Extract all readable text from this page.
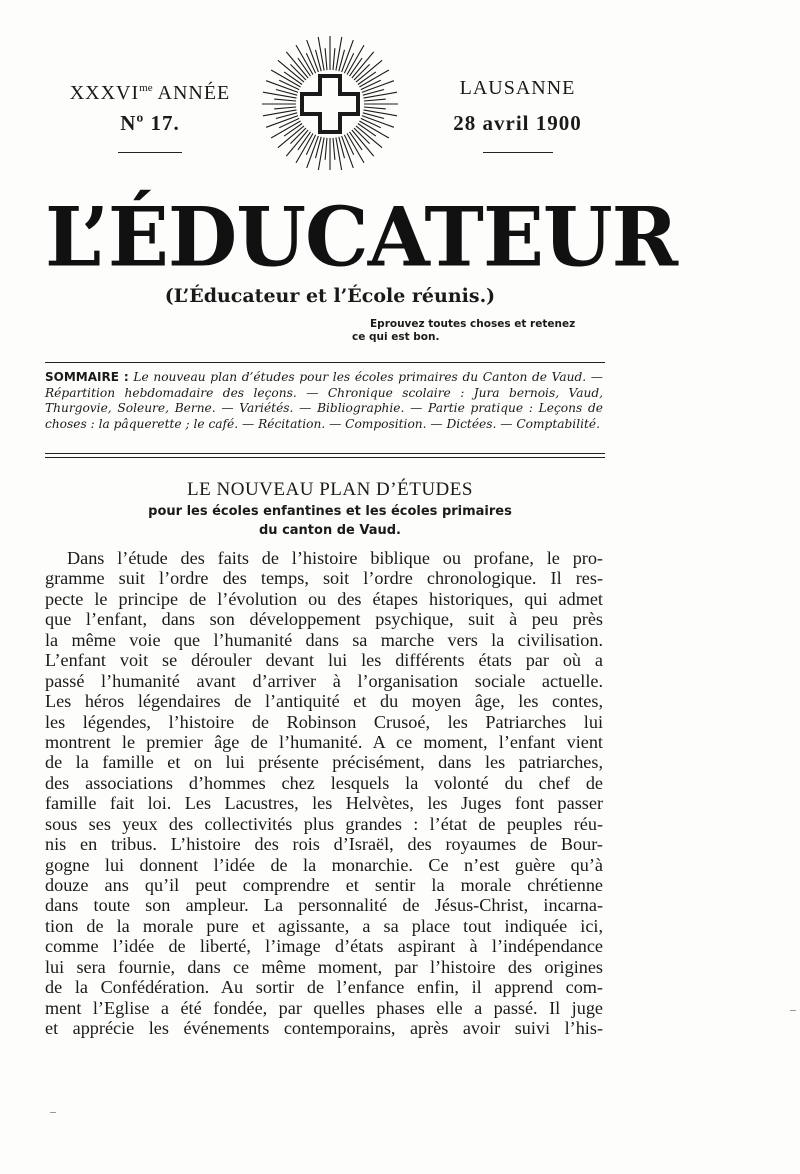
$XXXVI^{me}$ ANNÉE
Nº 17.
LAUSANNE
28 avril 1900
L’ÉDUCATEUR
(L’Éducateur et l’École réunis.)
Eprouvez toutes choses et retenez
ce qui est bon.
SOMMAIRE : Le nouveau plan d’études pour les écoles primaires du Canton de Vaud. — Répartition hebdomadaire des leçons. — Chronique scolaire : Jura bernois, Vaud, Thurgovie, Soleure, Berne. — Variétés. — Bibliographie. — Partie pratique : Leçons de choses : la pâquerette ; le café. — Récitation. — Composition. — Dictées. — Comptabilité.
LE NOUVEAU PLAN D’ÉTUDES
pour les écoles enfantines et les écoles primaires
du canton de Vaud.
Dans l’étude des faits de l’histoire biblique ou profane, le pro-
gramme suit l’ordre des temps, soit l’ordre chronologique. Il res-
pecte le principe de l’évolution ou des étapes historiques, qui admet
que l’enfant, dans son développement psychique, suit à peu près
la même voie que l’humanité dans sa marche vers la civilisation.
L’enfant voit se dérouler devant lui les différents états par où a
passé l’humanité avant d’arriver à l’organisation sociale actuelle.
Les héros légendaires de l’antiquité et du moyen âge, les contes,
les légendes, l’histoire de Robinson Crusoé, les Patriarches lui
montrent le premier âge de l’humanité. A ce moment, l’enfant vient
de la famille et on lui présente précisément, dans les patriarches,
des associations d’hommes chez lesquels la volonté du chef de
famille fait loi. Les Lacustres, les Helvètes, les Juges font passer
sous ses yeux des collectivités plus grandes : l’état de peuples réu-
nis en tribus. L’histoire des rois d’Israël, des royaumes de Bour-
gogne lui donnent l’idée de la monarchie. Ce n’est guère qu’à
douze ans qu’il peut comprendre et sentir la morale chrétienne
dans toute son ampleur. La personnalité de Jésus-Christ, incarna-
tion de la morale pure et agissante, a sa place tout indiquée ici,
comme l’idée de liberté, l’image d’états aspirant à l’indépendance
lui sera fournie, dans ce même moment, par l’histoire des origines
de la Confédération. Au sortir de l’enfance enfin, il apprend com-
ment l’Eglise a été fondée, par quelles phases elle a passé. Il juge
et apprécie les événements contemporains, après avoir suivi l’his-
